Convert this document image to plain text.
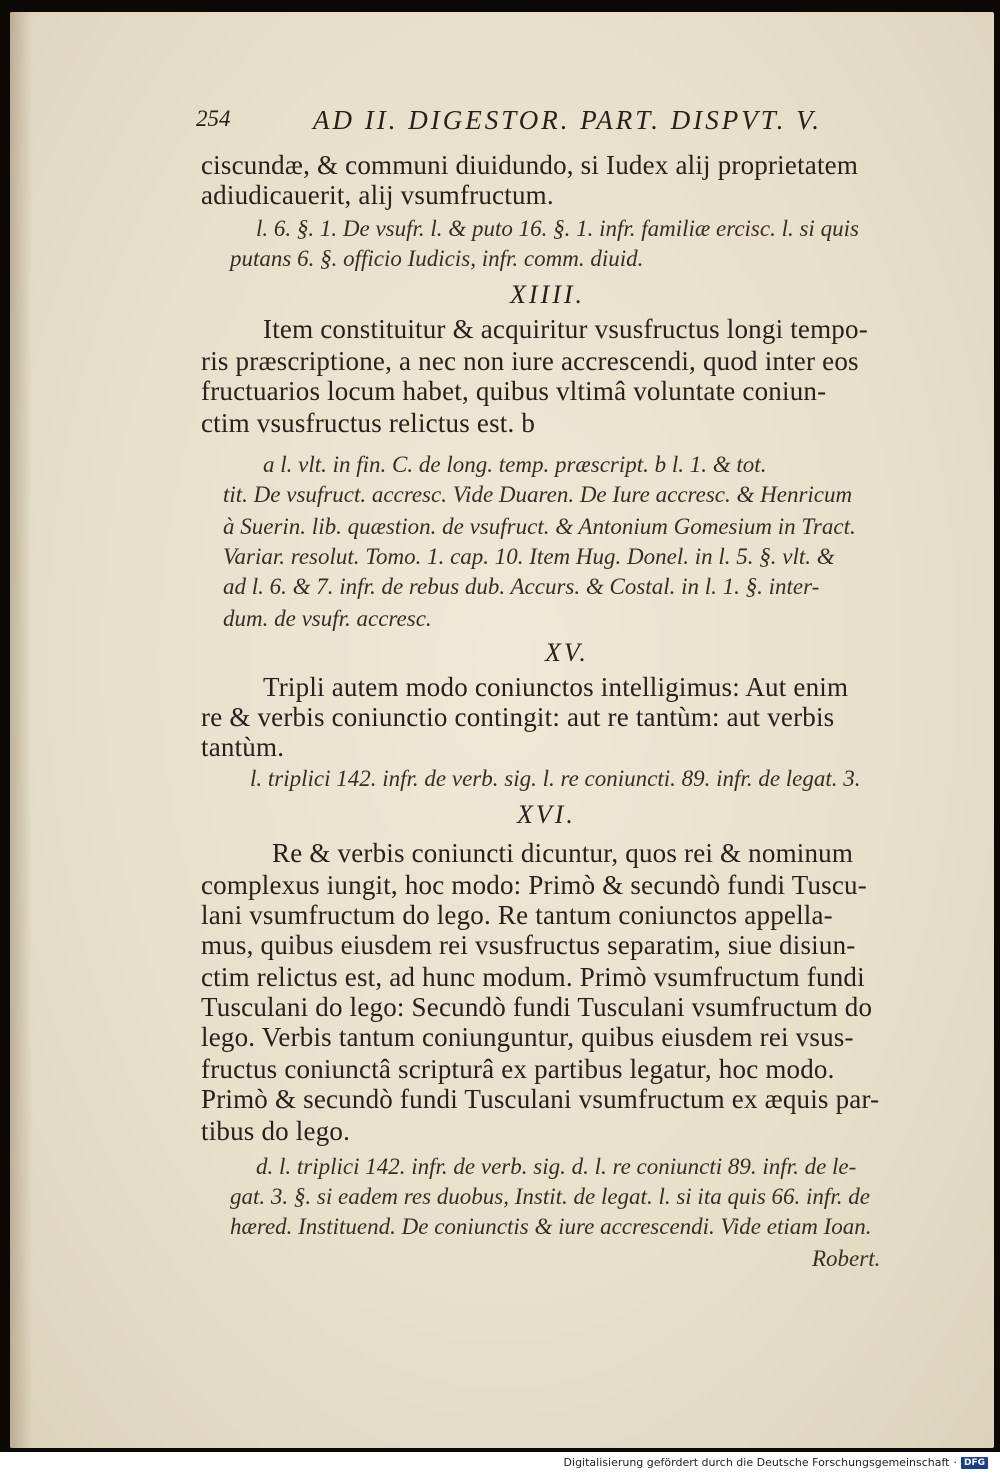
254	AD II. DIGESTOR. PART. DISPVT. V.
ciscundæ, & communi diuidundo, si Iudex alij proprietatem
adiudicauerit, alij vsumfructum.
l. 6. §. 1. De vsufr. l. & puto 16. §. 1. infr. familiæ ercisc. l. si quis
putans 6. §. officio Iudicis, infr. comm. diuid.
XIIII.
Item constituitur & acquiritur vsusfructus longi tempo-
ris præscriptione, a nec non iure accrescendi, quod inter eos
fructuarios locum habet, quibus vltimâ voluntate coniun-
ctim vsusfructus relictus est. b
a l. vlt. in fin. C. de long. temp. præscript. b l. 1. & tot.
tit. De vsufruct. accresc. Vide Duaren. De Iure accresc. & Henricum
à Suerin. lib. quæstion. de vsufruct. & Antonium Gomesium in Tract.
Variar. resolut. Tomo. 1. cap. 10. Item Hug. Donel. in l. 5. §. vlt. &
ad l. 6. & 7. infr. de rebus dub. Accurs. & Costal. in l. 1. §. inter-
dum. de vsufr. accresc.
XV.
Tripli autem modo coniunctos intelligimus: Aut enim
re & verbis coniunctio contingit: aut re tantùm: aut verbis
tantùm.
l. triplici 142. infr. de verb. sig. l. re coniuncti. 89. infr. de legat. 3.
XVI.
Re & verbis coniuncti dicuntur, quos rei & nominum
complexus iungit, hoc modo: Primò & secundò fundi Tuscu-
lani vsumfructum do lego. Re tantum coniunctos appella-
mus, quibus eiusdem rei vsusfructus separatim, siue disiun-
ctim relictus est, ad hunc modum. Primò vsumfructum fundi
Tusculani do lego: Secundò fundi Tusculani vsumfructum do
lego. Verbis tantum coniunguntur, quibus eiusdem rei vsus-
fructus coniunctâ scripturâ ex partibus legatur, hoc modo.
Primò & secundò fundi Tusculani vsumfructum ex æquis par-
tibus do lego.
d. l. triplici 142. infr. de verb. sig. d. l. re coniuncti 89. infr. de le-
gat. 3. §. si eadem res duobus, Instit. de legat. l. si ita quis 66. infr. de
hæred. Instituend. De coniunctis & iure accrescendi. Vide etiam Ioan.
Robert.
Digitalisierung gefördert durch die Deutsche Forschungsgemeinschaft · DFG
